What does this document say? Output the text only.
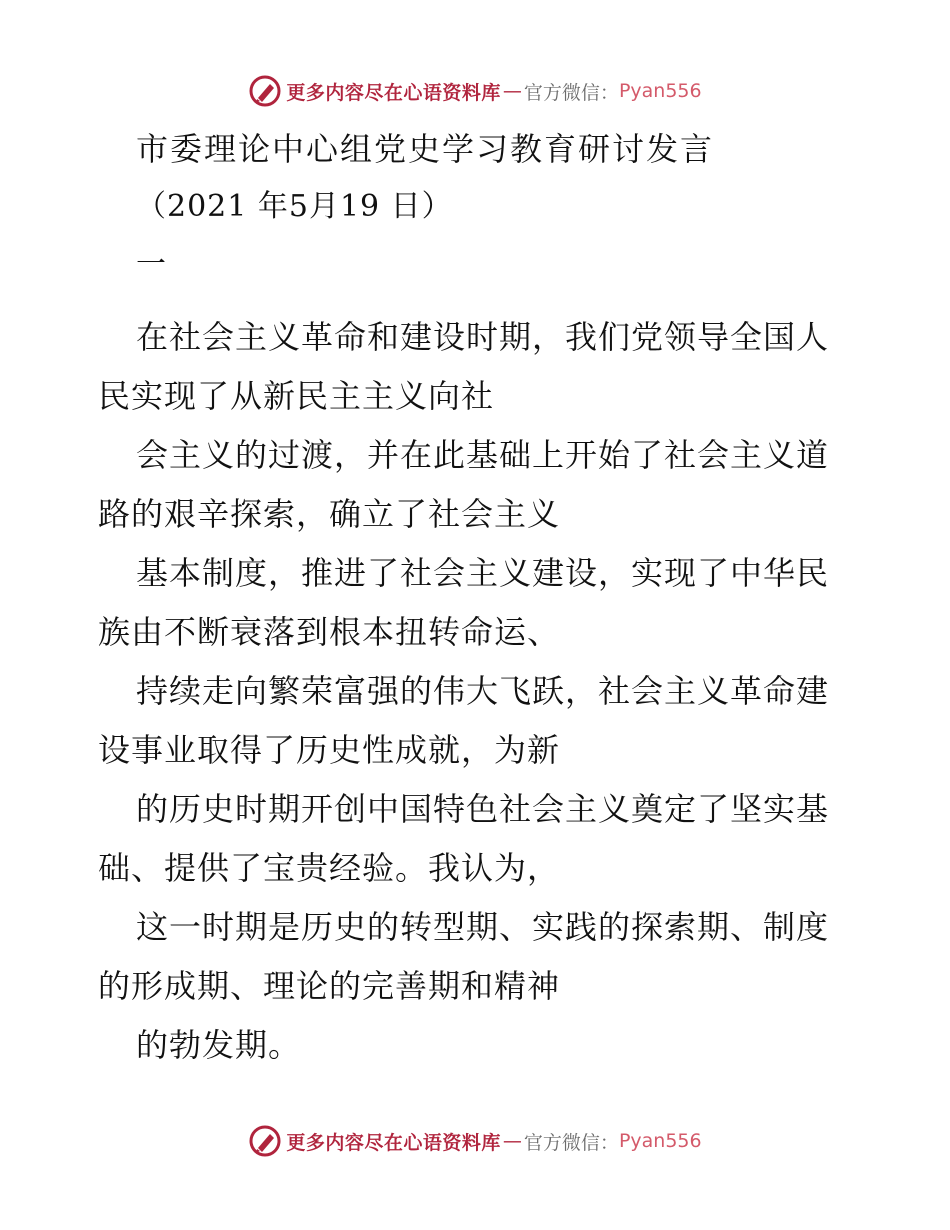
更多内容尽在心语资料库 — 官方微信： Pyan556
市委理论中心组党史学习教育研讨发言

（2021 年5月19 日）

一

在社会主义革命和建设时期，我们党领导全国人

民实现了从新民主主义向社

会主义的过渡，并在此基础上开始了社会主义道

路的艰辛探索，确立了社会主义

基本制度，推进了社会主义建设，实现了中华民

族由不断衰落到根本扭转命运、

持续走向繁荣富强的伟大飞跃，社会主义革命建

设事业取得了历史性成就，为新

的历史时期开创中国特色社会主义奠定了坚实基

础、提供了宝贵经验。我认为，

这一时期是历史的转型期、实践的探索期、制度

的形成期、理论的完善期和精神

的勃发期。

更多内容尽在心语资料库 — 官方微信： Pyan556
